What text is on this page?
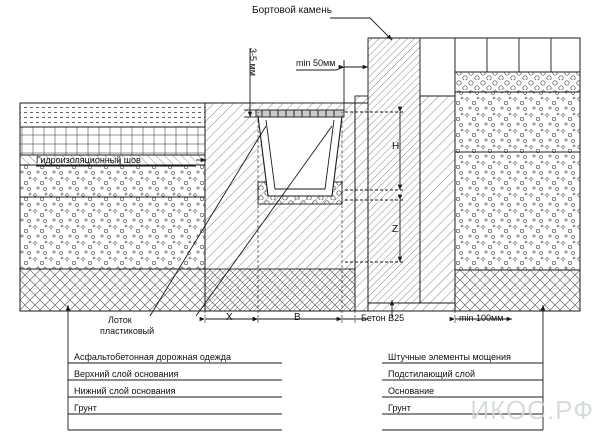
Бортовой камень
Гидроизоляционный шов
min 50мм
3-5 мм
H
Z
X	B
Лоток
пластиковый
Бетон В25	min 100мм
Асфальтобетонная дорожная одежда
Верхний слой основания
Нижний слой основания
Грунт
Штучные элементы мощения
Подстилающий слой
Основание
Грунт ИКОС.РФ
